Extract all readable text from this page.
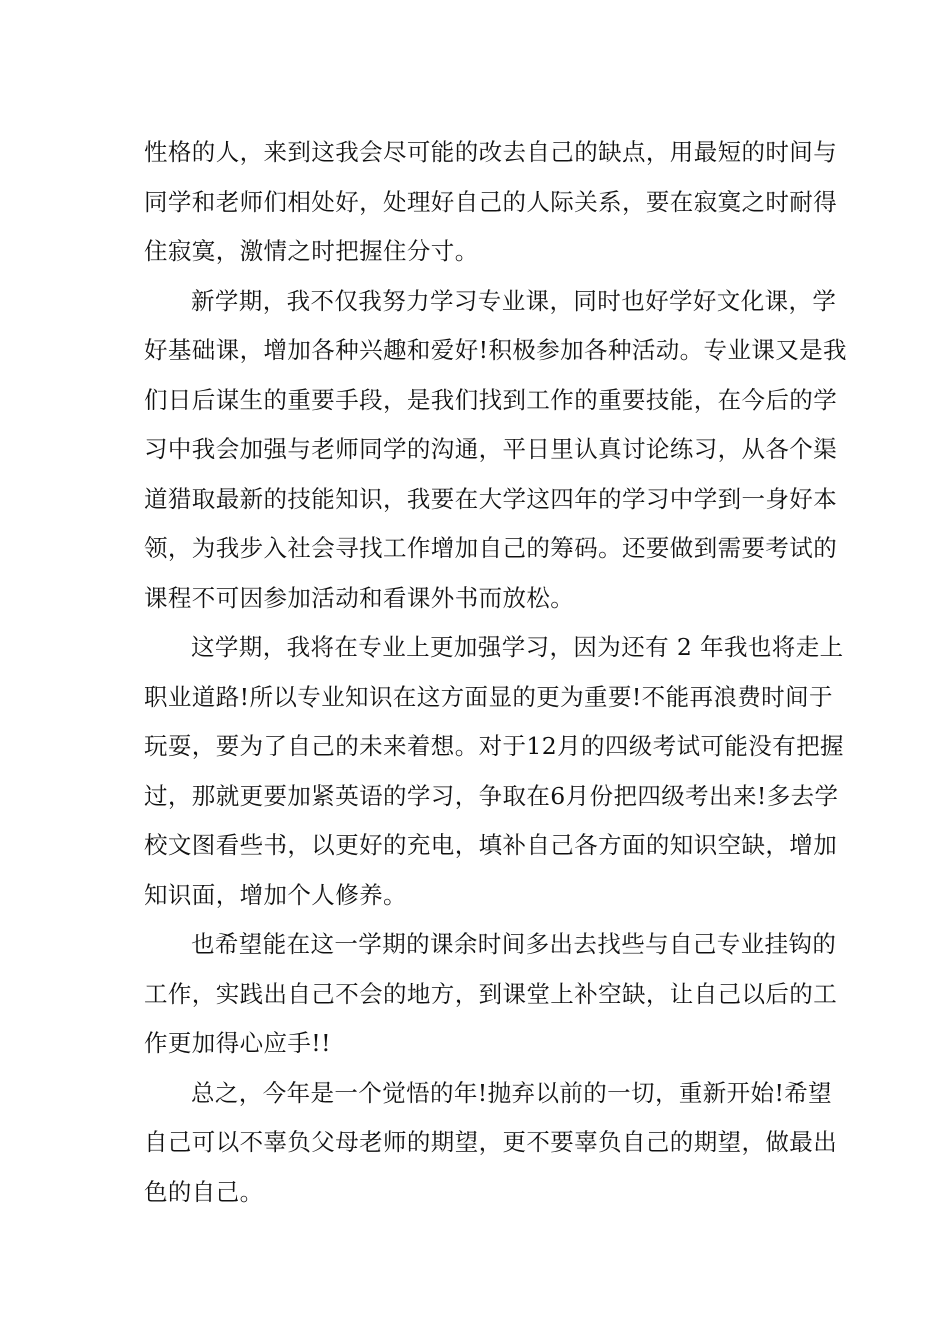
性格的人，来到这我会尽可能的改去自己的缺点，用最短的时间与
同学和老师们相处好，处理好自己的人际关系，要在寂寞之时耐得
住寂寞，激情之时把握住分寸。

新学期，我不仅我努力学习专业课，同时也好学好文化课，学
好基础课，增加各种兴趣和爱好!积极参加各种活动。专业课又是我
们日后谋生的重要手段，是我们找到工作的重要技能，在今后的学
习中我会加强与老师同学的沟通，平日里认真讨论练习，从各个渠
道猎取最新的技能知识，我要在大学这四年的学习中学到一身好本
领，为我步入社会寻找工作增加自己的筹码。还要做到需要考试的
课程不可因参加活动和看课外书而放松。

这学期，我将在专业上更加强学习，因为还有 2 年我也将走上
职业道路!所以专业知识在这方面显的更为重要!不能再浪费时间于
玩耍，要为了自己的未来着想。对于12月的四级考试可能没有把握
过，那就更要加紧英语的学习，争取在6月份把四级考出来!多去学
校文图看些书，以更好的充电，填补自己各方面的知识空缺，增加
知识面，增加个人修养。

也希望能在这一学期的课余时间多出去找些与自己专业挂钩的
工作，实践出自己不会的地方，到课堂上补空缺，让自己以后的工
作更加得心应手!!

总之，今年是一个觉悟的年!抛弃以前的一切，重新开始!希望
自己可以不辜负父母老师的期望，更不要辜负自己的期望，做最出
色的自己。
